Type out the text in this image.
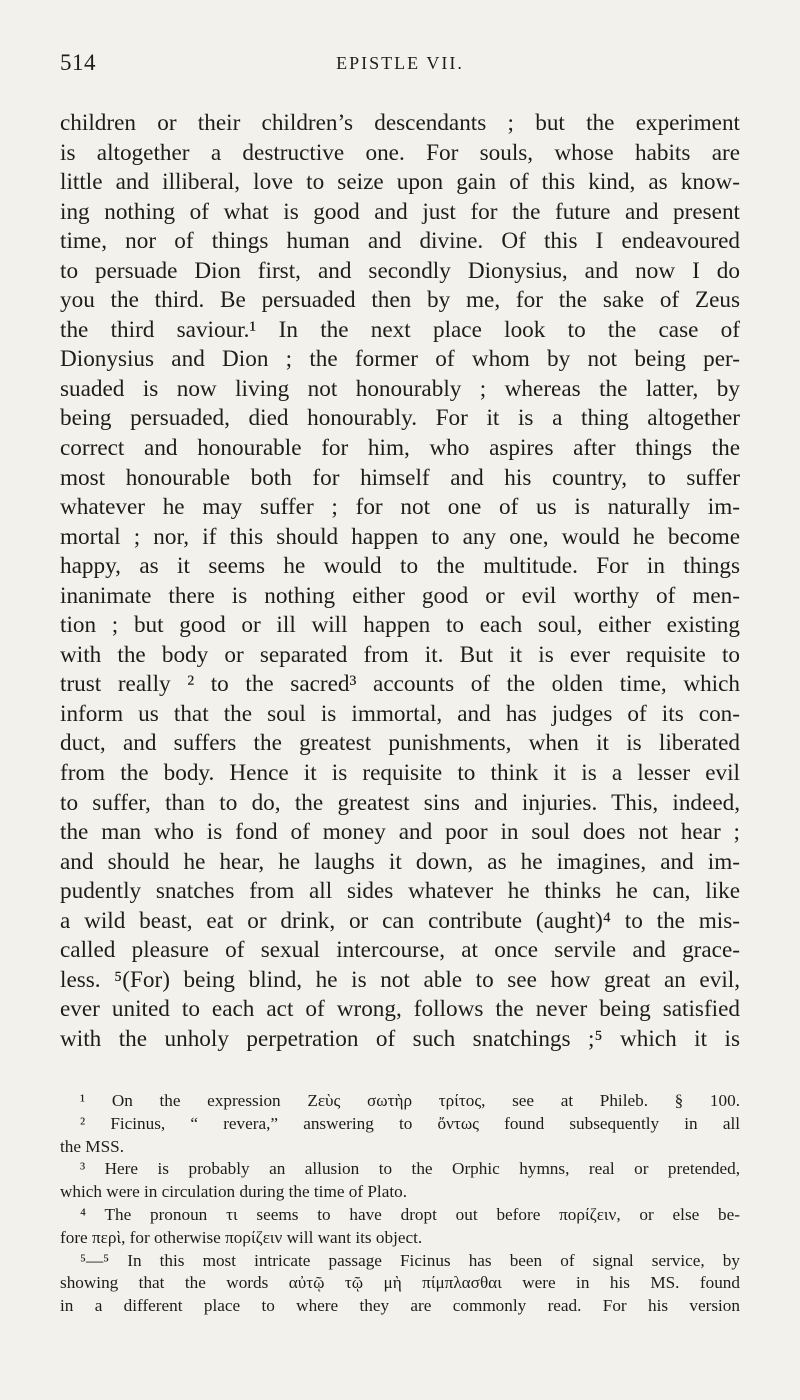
514	EPISTLE VII.
children or their children’s descendants ; but the experiment
is altogether a destructive one. For souls, whose habits are
little and illiberal, love to seize upon gain of this kind, as know-
ing nothing of what is good and just for the future and present
time, nor of things human and divine. Of this I endeavoured
to persuade Dion first, and secondly Dionysius, and now I do
you the third. Be persuaded then by me, for the sake of Zeus
the third saviour.¹ In the next place look to the case of
Dionysius and Dion ; the former of whom by not being per-
suaded is now living not honourably ; whereas the latter, by
being persuaded, died honourably. For it is a thing altogether
correct and honourable for him, who aspires after things the
most honourable both for himself and his country, to suffer
whatever he may suffer ; for not one of us is naturally im-
mortal ; nor, if this should happen to any one, would he become
happy, as it seems he would to the multitude. For in things
inanimate there is nothing either good or evil worthy of men-
tion ; but good or ill will happen to each soul, either existing
with the body or separated from it. But it is ever requisite to
trust really ² to the sacred³ accounts of the olden time, which
inform us that the soul is immortal, and has judges of its con-
duct, and suffers the greatest punishments, when it is liberated
from the body. Hence it is requisite to think it is a lesser evil
to suffer, than to do, the greatest sins and injuries. This, indeed,
the man who is fond of money and poor in soul does not hear ;
and should he hear, he laughs it down, as he imagines, and im-
pudently snatches from all sides whatever he thinks he can, like
a wild beast, eat or drink, or can contribute (aught)⁴ to the mis-
called pleasure of sexual intercourse, at once servile and grace-
less. ⁵(For) being blind, he is not able to see how great an evil,
ever united to each act of wrong, follows the never being satisfied
with the unholy perpetration of such snatchings ;⁵ which it is
¹ On the expression Ζεὺς σωτὴρ τρίτος, see at Phileb. § 100.
² Ficinus, “ revera,” answering to ὄντως found subsequently in all
the MSS.
³ Here is probably an allusion to the Orphic hymns, real or pretended,
which were in circulation during the time of Plato.
⁴ The pronoun τι seems to have dropt out before πορίζειν, or else be-
fore περὶ, for otherwise πορίζειν will want its object.
⁵—⁵ In this most intricate passage Ficinus has been of signal service, by
showing that the words αὐτῷ τῷ μὴ πίμπλασθαι were in his MS. found
in a different place to where they are commonly read. For his version
